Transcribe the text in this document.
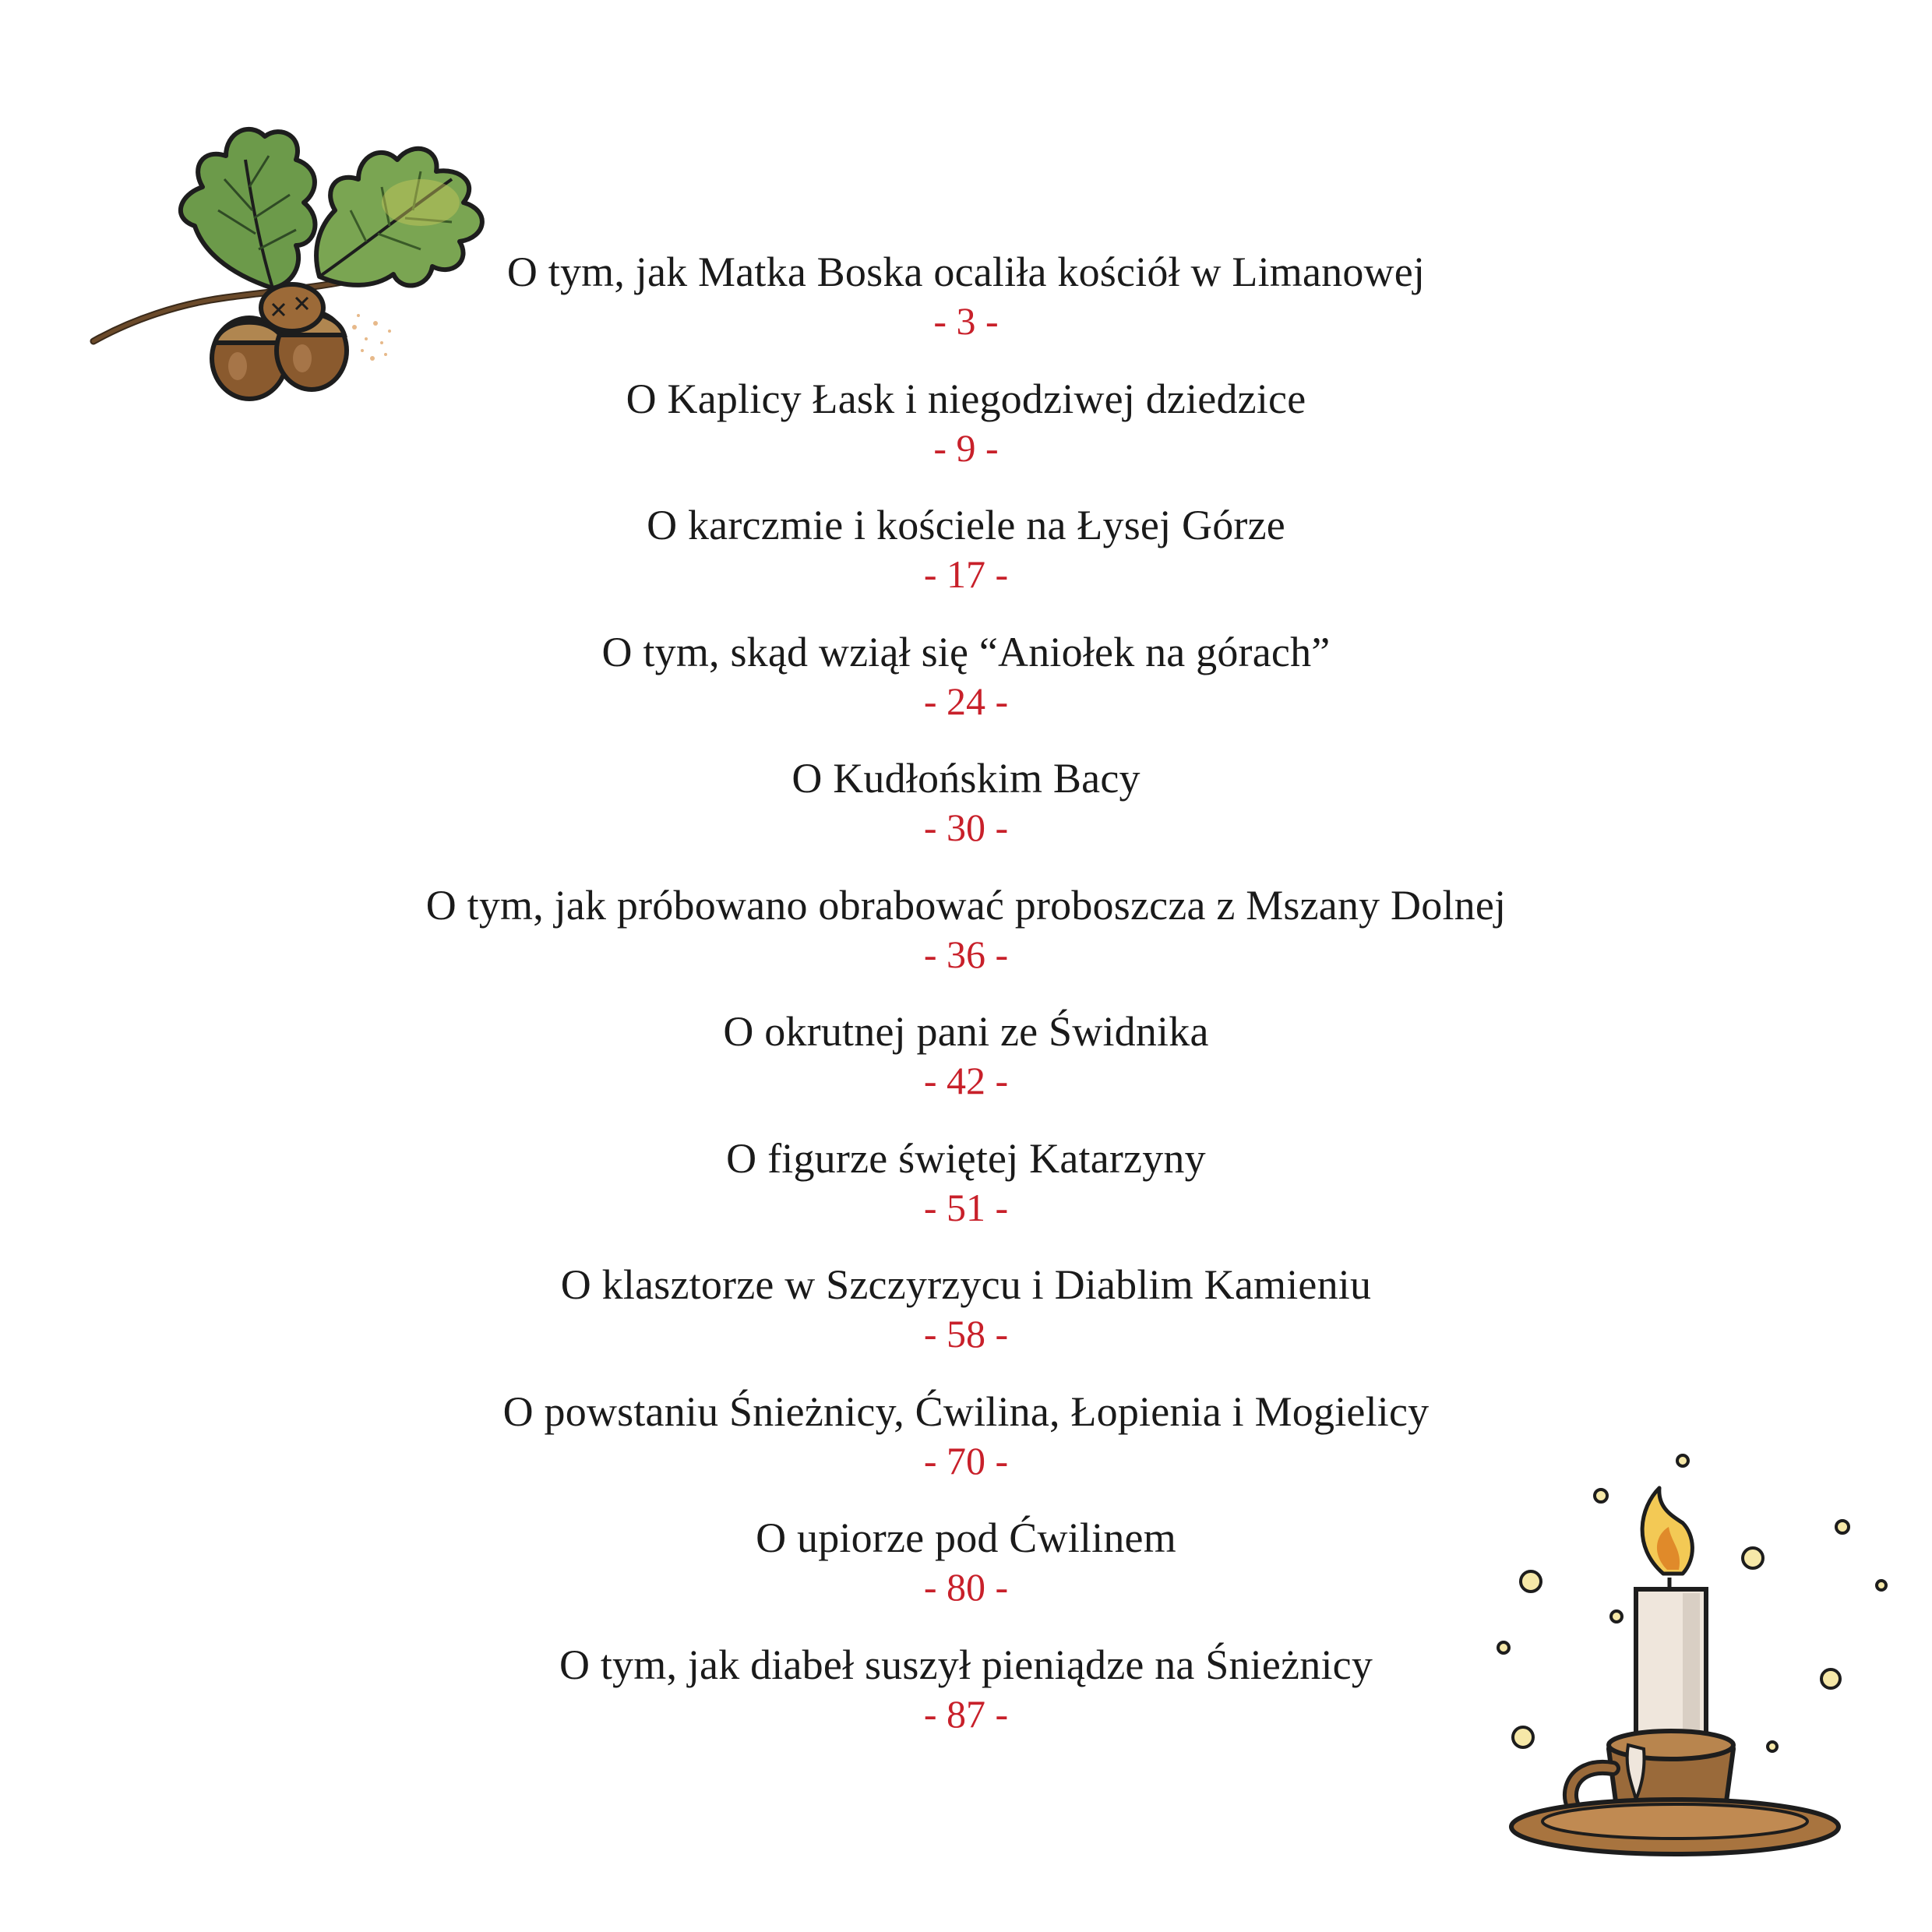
O tym, jak Matka Boska ocaliła kościół w Limanowej
- 3 -
O Kaplicy Łask i niegodziwej dziedzice
- 9 -
O karczmie i kościele na Łysej Górze
- 17 -
O tym, skąd wziął się “Aniołek na górach”
- 24 -
O Kudłońskim Bacy
- 30 -
O tym, jak próbowano obrabować proboszcza z Mszany Dolnej
- 36 -
O okrutnej pani ze Świdnika
- 42 -
O figurze świętej Katarzyny
- 51 -
O klasztorze w Szczyrzycu i Diablim Kamieniu
- 58 -
O powstaniu Śnieżnicy, Ćwilina, Łopienia i Mogielicy
- 70 -
O upiorze pod Ćwilinem
- 80 -
O tym, jak diabeł suszył pieniądze na Śnieżnicy
- 87 -
